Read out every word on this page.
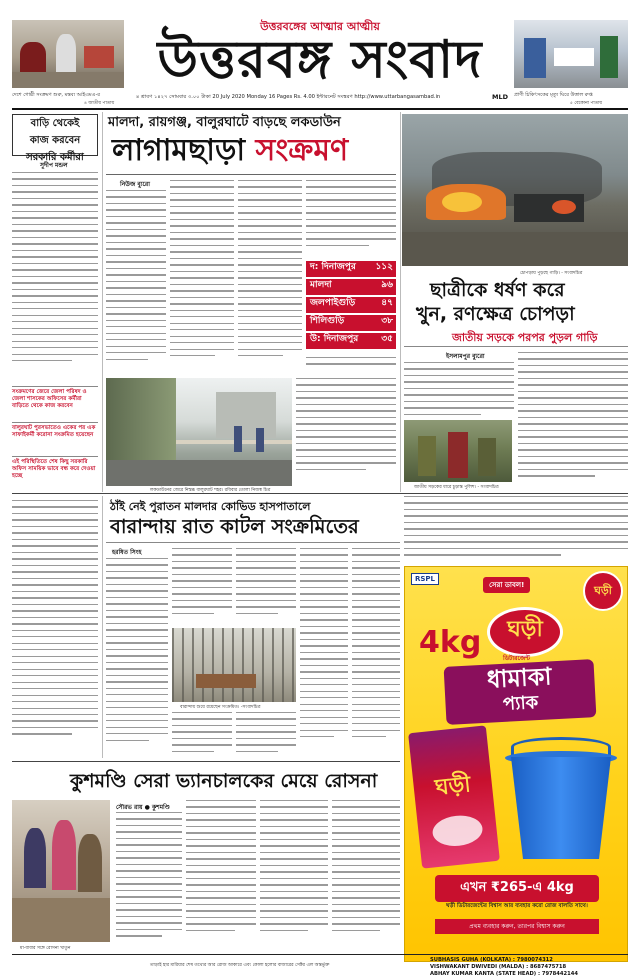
দেশে গোষ্ঠী সংক্রমণ শুরু, মন্তব্য আইএমএ-র
৪ জাতীয় পাতায়
উত্তরবঙ্গের আত্মার আত্মীয়
উত্তরবঙ্গ সংবাদ
৪ শ্রাবণ ১৪২৭ সোমবার ৩.০০ টাকা 20 July 2020 Monday 16 Pages Rs. 4.00 ইন্টারনেট সংস্করণ http://www.uttarbangasambad.in	MLD প্রাণী চিকিৎসকের মৃত্যু ঘিরে উত্তাল রুপ্ত
৫ বেকোনা পাতায়
বাড়ি থেকেই
কাজ করবেন
সরকারি কর্মীরা
সুদীপ মন্ডল
সংক্রমণের জেরে জেলা পরিষদ ও জেলা শাসকের অফিসের কর্মীরা বাড়িতে থেকে কাজ করবেন
বালুরঘাট পুরসভাতেও একের পর এক সাফাইকর্মী করোনা সংক্রমিত হয়েছেন
এই পরিস্থিতিতে শেষ কিছু সরকারি অফিস সাময়িক ভাবে বন্ধ করে দেওয়া হচ্ছে
মালদা, রায়গঞ্জ, বালুরঘাটে বাড়ছে লকডাউন
লাগামছাড়া সংক্রমণ
নিউজ ব্যুরো
দ: দিনাজপুর ১১২
মালদা	৯৬
জলপাইগুড়ি	৪৭
শিলিগুড়ি	৩৮
উ: দিনাজপুর	৩৫
লকডাউনের জেরে নিস্তব্ধ বালুরঘাট শহর। রবিবার তোলা নিজস্ব চিত্র
চোপড়ায় পুড়ছে গাড়ি। - সংবাদচিত্র
ছাত্রীকে ধর্ষণ করে
খুন, রণক্ষেত্র চোপড়া
জাতীয় সড়কে পরপর পুড়ল গাড়ি
ইসলামপুর ব্যুরো
জাতীয় সড়কের ধারে চুড়ান্ত পুলিশ। - সংবাদচিত্র
ঠাঁই নেই পুরাতন মালদার কোভিড হাসপাতালে
বারান্দায় রাত কাটল সংক্রমিতের
হরষিত সিংহ
বারান্দায় শুয়ে রয়েছেন সংক্রমিত। -সংবাদচিত্র
RSPL
সেরা ডাবল!	ঘড়ী
4kg	ঘড়ী
ডিটারজেন্ট
ধামাকা
প্যাক
ঘড়ী
এখন ₹265-এ 4kg
ঘড়ী ডিটারজেন্টের বিশ্বাস আর ব্যবহার করো রোজ বালতি সাথে।
প্রথম ব্যবহার করুন, তারপর বিশ্বাস করুন
কুশমণ্ডি সেরা ভ্যানচালকের মেয়ে রোসনা
মা-বাবার সঙ্গে রোসনা খাতুন
সৌরভ রায় ● কুশমণ্ডি
SUBHASIS GUHA (KOLKATA) : 7980074312
VISHWAKANT DWIVEDI (MALDA) : 8687475718
ABHAY KUMAR KANTA (STATE HEAD) : 7978442144
তাড়াই হার মারিয়ার শেষ তথ্যের আর রোজ আকারে এবং কোলা হলোর বাজারের সেক্টর এল অন্তর্ভুক্ত
